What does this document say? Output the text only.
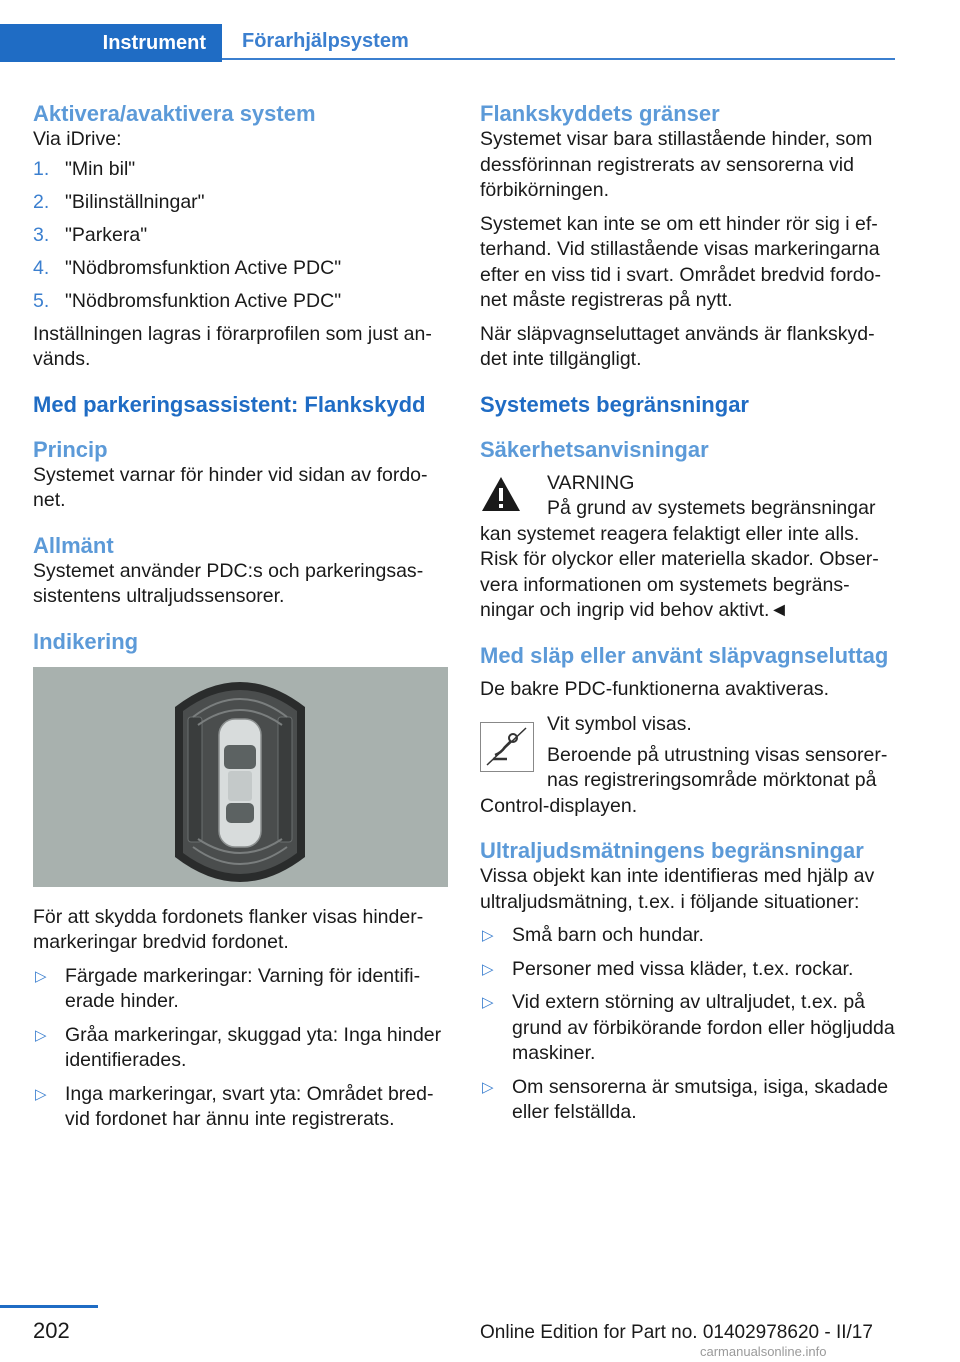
Instrument	Förarhjälpsystem
Aktivera/avaktivera system

Via iDrive:

1. "Min bil"
2. "Bilinställningar"
3. "Parkera"
4. "Nödbromsfunktion Active PDC"
5. "Nödbromsfunktion Active PDC"

Inställningen lagras i förarprofilen som just används.

Med parkeringsassistent: Flankskydd
Princip

Systemet varnar för hinder vid sidan av fordonet.

Allmänt

Systemet använder PDC:s och parkeringsassistentens ultraljudssensorer.

Indikering

För att skydda fordonets flanker visas hindermarkeringar bredvid fordonet.

▷ Färgade markeringar: Varning för identifierade hinder.
▷ Gråa markeringar, skuggad yta: Inga hinder identifierades.
▷ Inga markeringar, svart yta: Området bredvid fordonet har ännu inte registrerats.
Flankskyddets gränser

Systemet visar bara stillastående hinder, som dessförinnan registrerats av sensorerna vid förbikörningen.

Systemet kan inte se om ett hinder rör sig i efterhand. Vid stillastående visas markeringarna efter en viss tid i svart. Området bredvid fordonet måste registreras på nytt.

När släpvagnseluttaget används är flankskyddet inte tillgängligt.

Systemets begränsningar
Säkerhetsanvisningar

VARNING

På grund av systemets begränsningar

kan systemet reagera felaktigt eller inte alls. Risk för olyckor eller materiella skador. Observera informationen om systemets begränsningar och ingrip vid behov aktivt.◄

Med släp eller använt släpvagnseluttag

De bakre PDC-funktionerna avaktiveras.

Vit symbol visas.

Beroende på utrustning visas sensorernas registreringsområde mörktonat på

Control-displayen.

Ultraljudsmätningens begränsningar

Vissa objekt kan inte identifieras med hjälp av ultraljudsmätning, t.ex. i följande situationer:

▷ Små barn och hundar.
▷ Personer med vissa kläder, t.ex. rockar.
▷ Vid extern störning av ultraljudet, t.ex. på grund av förbikörande fordon eller högljudda maskiner.
▷ Om sensorerna är smutsiga, isiga, skadade eller felställda.
202	Online Edition for Part no. 01402978620 - II/17
carmanualsonline.info
